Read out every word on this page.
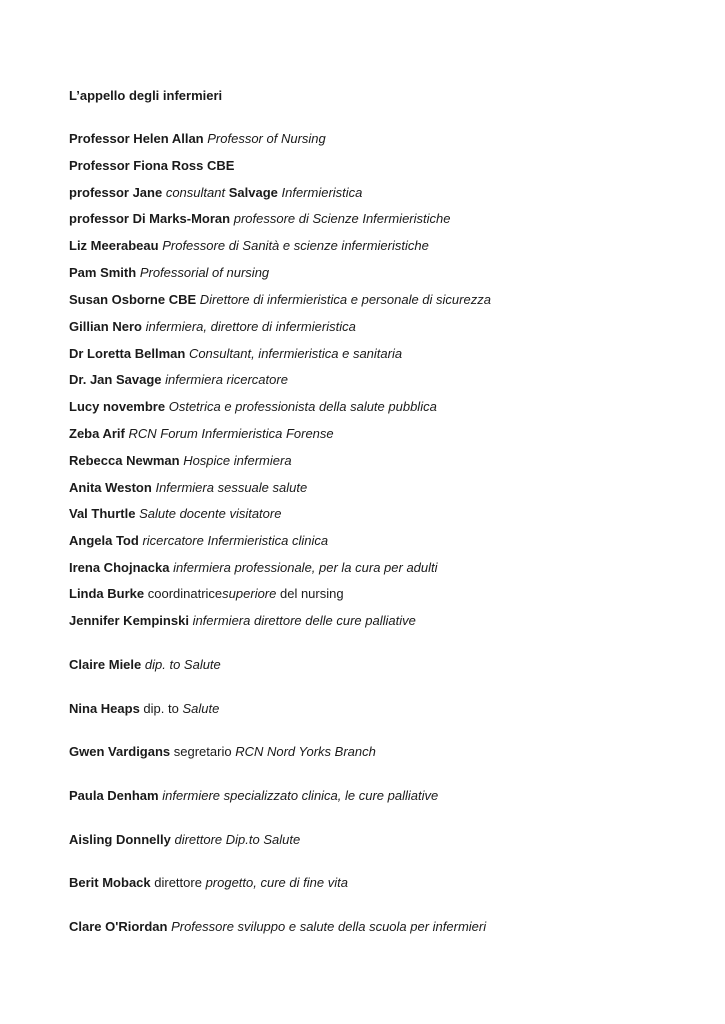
L’appello degli infermieri
Professor Helen Allan Professor of Nursing
Professor Fiona Ross CBE
professor Jane consultant Salvage Infermieristica
professor Di Marks-Moran professore di Scienze Infermieristiche
Liz Meerabeau Professore di Sanità e scienze infermieristiche
Pam Smith Professorial of nursing
Susan Osborne CBE Direttore di infermieristica e personale di sicurezza
Gillian Nero infermiera, direttore di infermieristica
Dr Loretta Bellman Consultant, infermieristica e sanitaria
Dr. Jan Savage infermiera ricercatore
Lucy novembre Ostetrica e professionista della salute pubblica
Zeba Arif RCN Forum Infermieristica Forense
Rebecca Newman Hospice infermiera
Anita Weston Infermiera sessuale salute
Val Thurtle Salute docente visitatore
Angela Tod ricercatore Infermieristica clinica
Irena Chojnacka infermiera professionale, per la cura per adulti
Linda Burke coordinatricesuperiore del nursing
Jennifer Kempinski infermiera direttore delle cure palliative
Claire Miele dip. to Salute
Nina Heaps dip. to Salute
Gwen Vardigans segretario RCN Nord Yorks Branch
Paula Denham infermiere specializzato clinica, le cure palliative
Aisling Donnelly direttore Dip.to Salute
Berit Moback direttore progetto, cure di fine vita
Clare O'Riordan Professore sviluppo e salute della scuola per infermieri
